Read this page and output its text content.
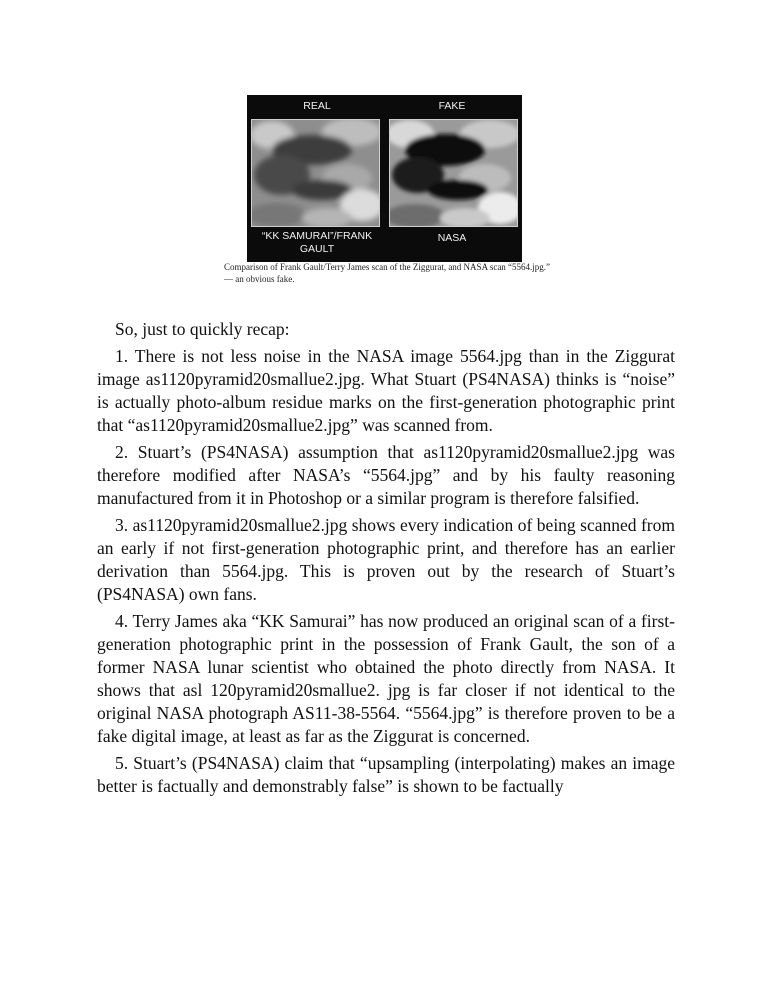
REAL	FAKE
“KK SAMURAI”/FRANK GAULT
NASA
Comparison of Frank Gault/Terry James scan of the Ziggurat, and NASA scan “5564.jpg.” — an obvious fake.

So, just to quickly recap:

1. There is not less noise in the NASA image 5564.jpg than in the Ziggurat image as1120pyramid20smallue2.jpg. What Stuart (PS4NASA) thinks is “noise” is actually photo-album residue marks on the first-generation photographic print that “as1120pyramid20smallue2.jpg” was scanned from.

2. Stuart’s (PS4NASA) assumption that as1120pyramid20smallue2.jpg was therefore modified after NASA’s “5564.jpg” and by his faulty reasoning manufactured from it in Photoshop or a similar program is therefore falsified.

3. as1120pyramid20smallue2.jpg shows every indication of being scanned from an early if not first-generation photographic print, and therefore has an earlier derivation than 5564.jpg. This is proven out by the research of Stuart’s (PS4NASA) own fans.

4. Terry James aka “KK Samurai” has now produced an original scan of a first-generation photographic print in the possession of Frank Gault, the son of a former NASA lunar scientist who obtained the photo directly from NASA. It shows that asl 120pyramid20smallue2. jpg is far closer if not identical to the original NASA photograph AS11-38-5564. “5564.jpg” is therefore proven to be a fake digital image, at least as far as the Ziggurat is concerned.

5. Stuart’s (PS4NASA) claim that “upsampling (interpolating) makes an image better is factually and demonstrably false” is shown to be factually
